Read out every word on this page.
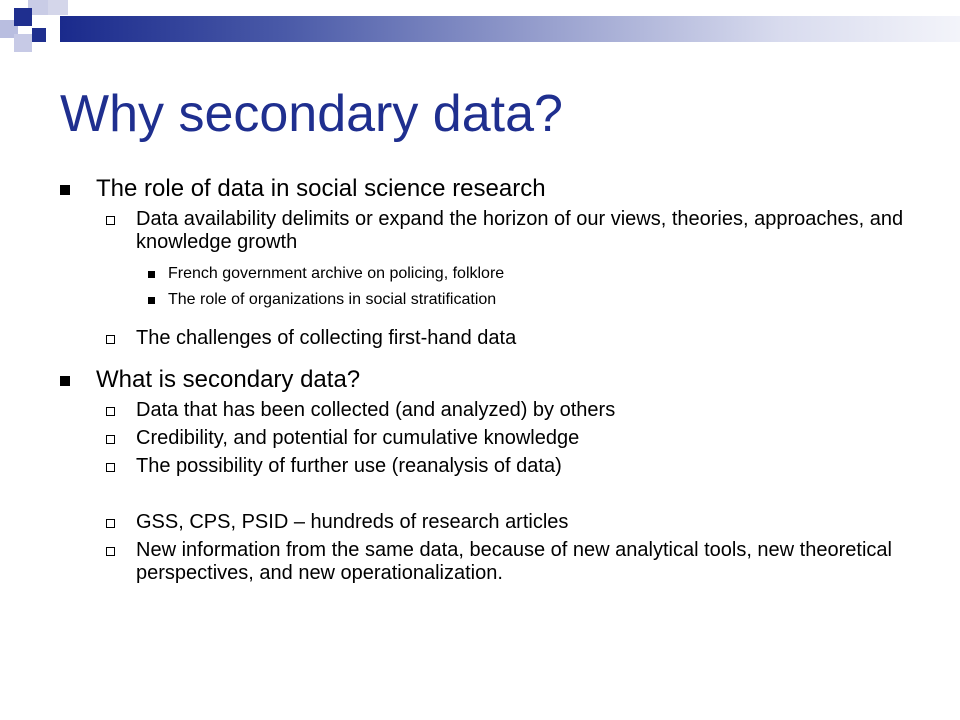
Why secondary data?
The role of data in social science research
Data availability delimits or expand the horizon of our views, theories, approaches, and knowledge growth
French government archive on policing, folklore
The role of organizations in social stratification
The challenges of collecting first-hand data
What is secondary data?
Data that has been collected (and analyzed) by others
Credibility, and potential for cumulative knowledge
The possibility of further use (reanalysis of data)
GSS, CPS, PSID – hundreds of research articles
New information from the same data, because of new analytical tools, new theoretical perspectives, and new operationalization.
